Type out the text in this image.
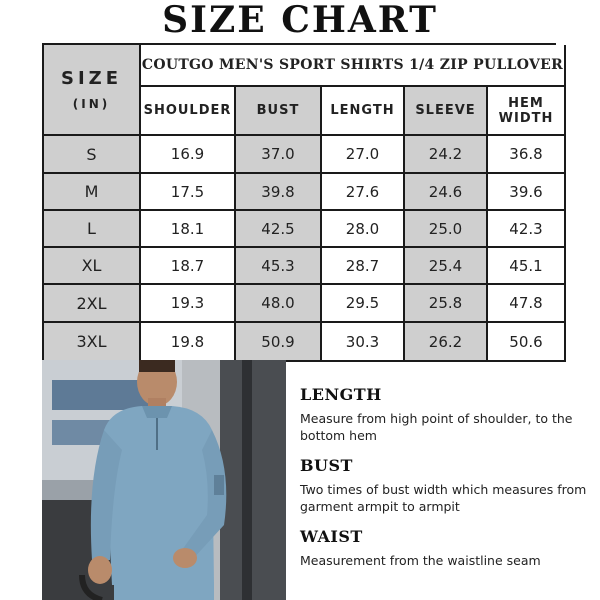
SIZE CHART
SIZE
(IN)
COUTGO MEN'S SPORT SHIRTS 1/4 ZIP PULLOVER
SHOULDER	BUST	LENGTH	SLEEVE	HEM WIDTH
S	16.9	37.0	27.0	24.2	36.8
M	17.5	39.8	27.6	24.6	39.6
L	18.1	42.5	28.0	25.0	42.3
XL	18.7	45.3	28.7	25.4	45.1
2XL	19.3	48.0	29.5	25.8	47.8
3XL	19.8	50.9	30.3	26.2	50.6
LENGTH

Measure from high point of shoulder, to the bottom hem

BUST

Two times of bust width which measures from garment armpit to armpit

WAIST

Measurement from the waistline seam
